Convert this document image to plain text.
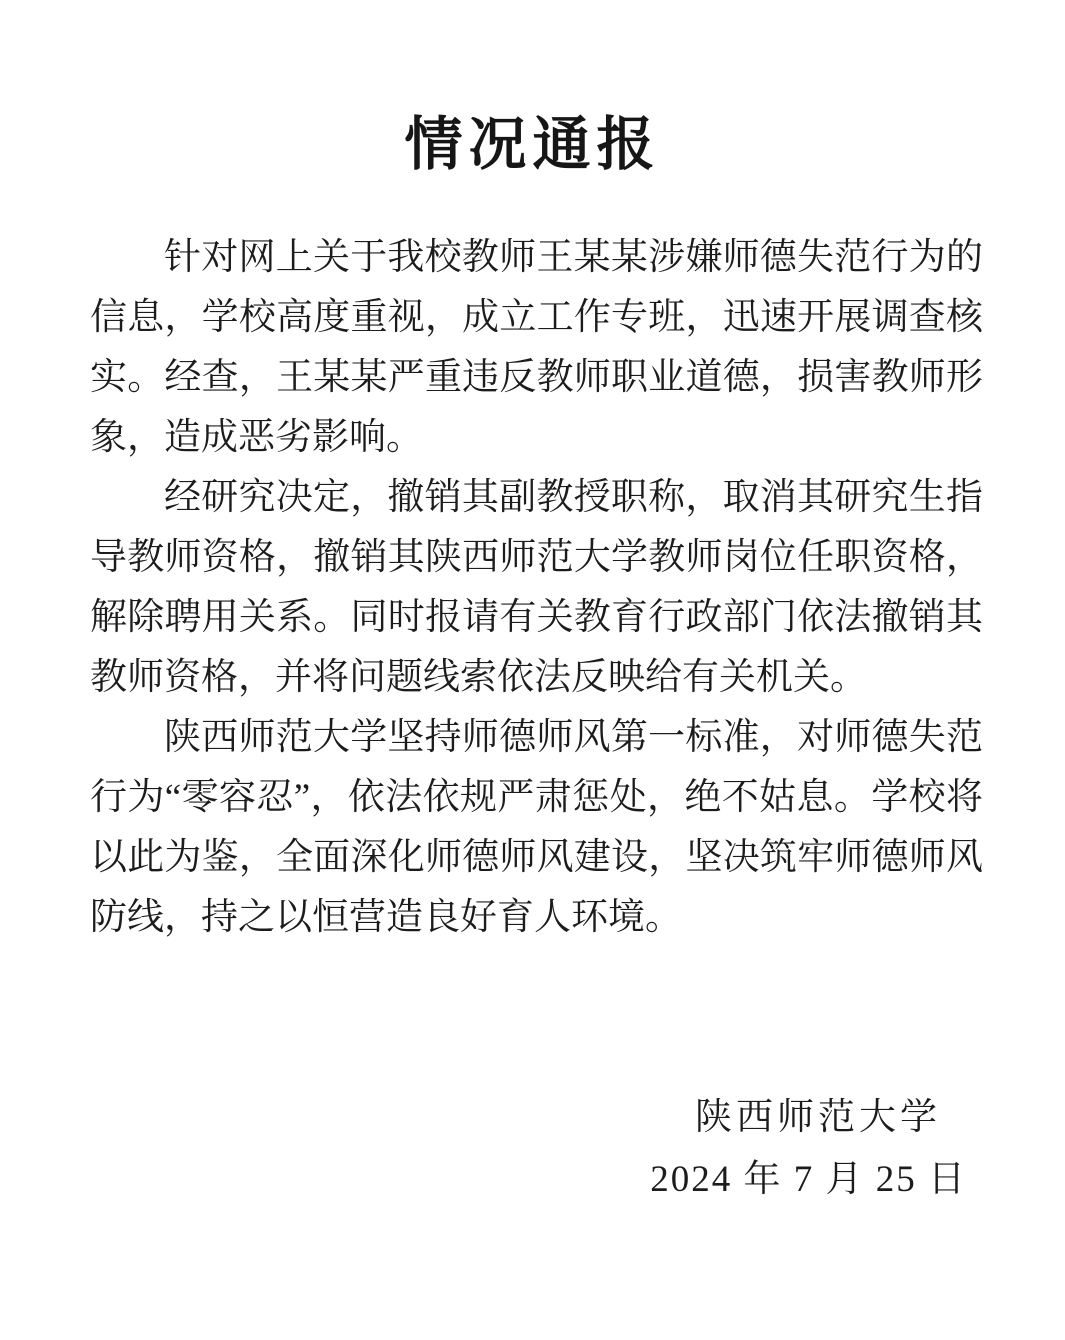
情况通报

针对网上关于我校教师王某某涉嫌师德失范行为的信息，学校高度重视，成立工作专班，迅速开展调查核实。经查，王某某严重违反教师职业道德，损害教师形象，造成恶劣影响。

经研究决定，撤销其副教授职称，取消其研究生指导教师资格，撤销其陕西师范大学教师岗位任职资格，解除聘用关系。同时报请有关教育行政部门依法撤销其教师资格，并将问题线索依法反映给有关机关。

陕西师范大学坚持师德师风第一标准，对师德失范行为“零容忍”，依法依规严肃惩处，绝不姑息。学校将以此为鉴，全面深化师德师风建设，坚决筑牢师德师风防线，持之以恒营造良好育人环境。

陕西师范大学
2024 年 7 月 25 日
